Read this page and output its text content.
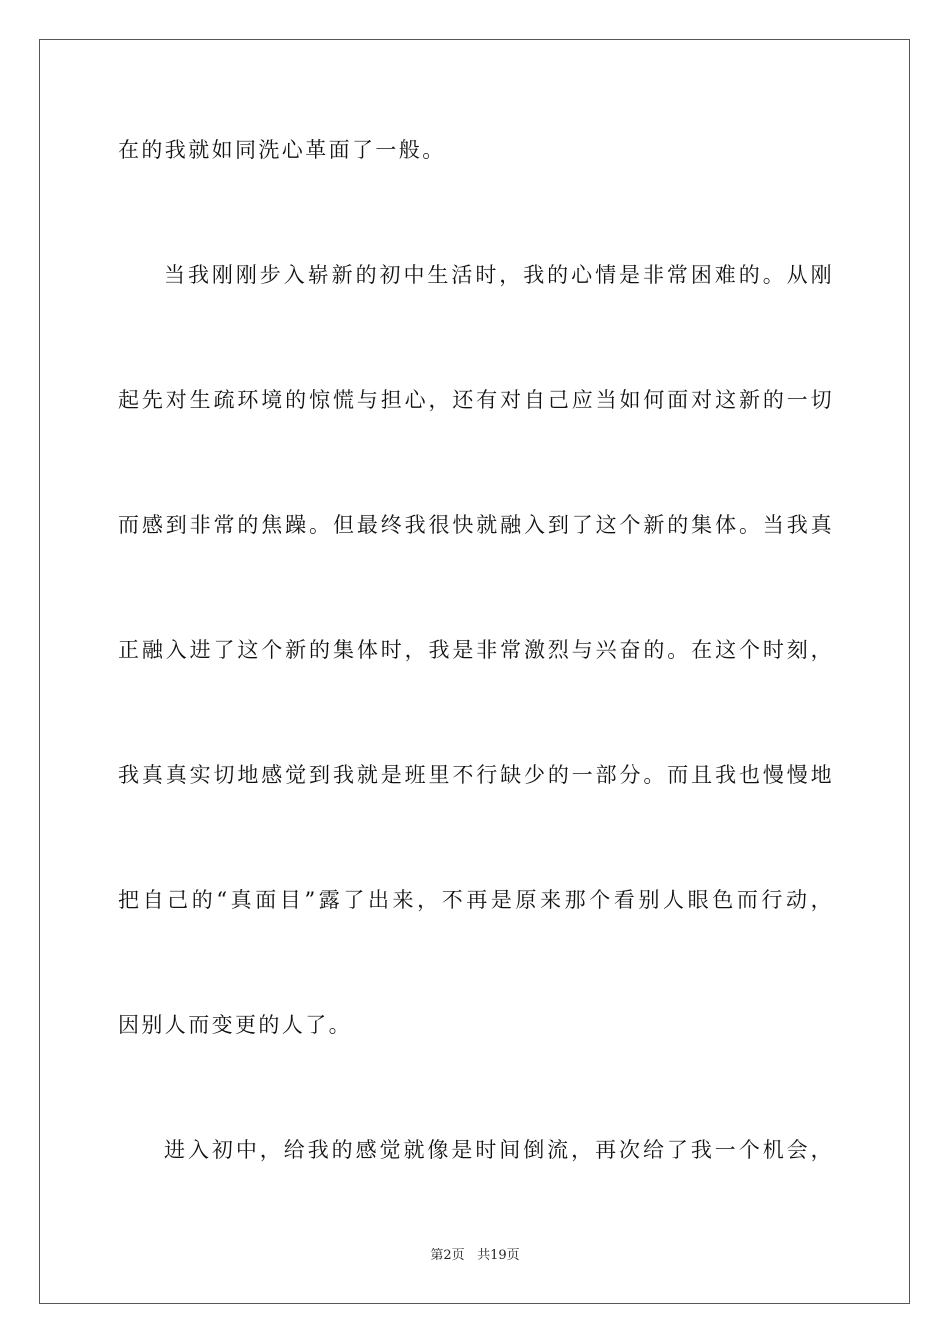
在的我就如同洗心革面了一般。
当我刚刚步入崭新的初中生活时，我的心情是非常困难的。从刚
起先对生疏环境的惊慌与担心，还有对自己应当如何面对这新的一切
而感到非常的焦躁。但最终我很快就融入到了这个新的集体。当我真
正融入进了这个新的集体时，我是非常激烈与兴奋的。在这个时刻，
我真真实切地感觉到我就是班里不行缺少的一部分。而且我也慢慢地
把自己的“真面目”露了出来，不再是原来那个看别人眼色而行动，
因别人而变更的人了。
进入初中，给我的感觉就像是时间倒流，再次给了我一个机会，
第2页 共19页
